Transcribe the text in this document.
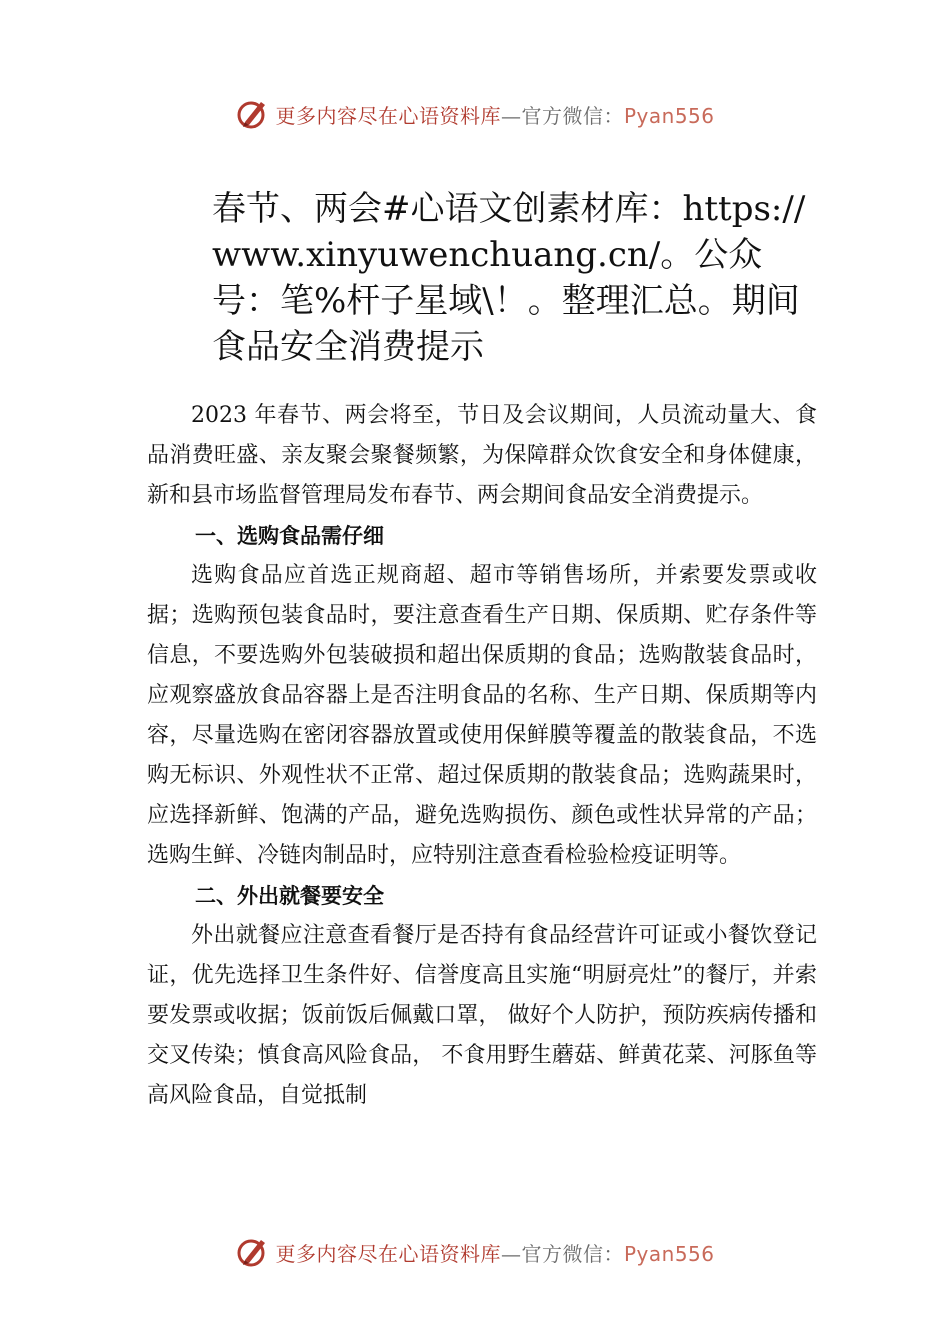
更多内容尽在心语资料库—官方微信：Pyan556
春节、两会#心语文创素材库：https://www.xinyuwenchuang.cn/。公众号：笔%杆子星域\！。整理汇总。期间食品安全消费提示

2023 年春节、两会将至，节日及会议期间，人员流动量大、食品消费旺盛、亲友聚会聚餐频繁，为保障群众饮食安全和身体健康，新和县市场监督管理局发布春节、两会期间食品安全消费提示。

一、选购食品需仔细

选购食品应首选正规商超、超市等销售场所，并索要发票或收据；选购预包装食品时，要注意查看生产日期、保质期、贮存条件等信息，不要选购外包装破损和超出保质期的食品；选购散装食品时，应观察盛放食品容器上是否注明食品的名称、生产日期、保质期等内容，尽量选购在密闭容器放置或使用保鲜膜等覆盖的散装食品，不选购无标识、外观性状不正常、超过保质期的散装食品；选购蔬果时，应选择新鲜、饱满的产品，避免选购损伤、颜色或性状异常的产品；选购生鲜、冷链肉制品时，应特别注意查看检验检疫证明等。

二、外出就餐要安全

外出就餐应注意查看餐厅是否持有食品经营许可证或小餐饮登记证，优先选择卫生条件好、信誉度高且实施“明厨亮灶”的餐厅，并索要发票或收据；饭前饭后佩戴口罩， 做好个人防护，预防疾病传播和交叉传染；慎食高风险食品， 不食用野生蘑菇、鲜黄花菜、河豚鱼等高风险食品，自觉抵制

更多内容尽在心语资料库—官方微信：Pyan556
